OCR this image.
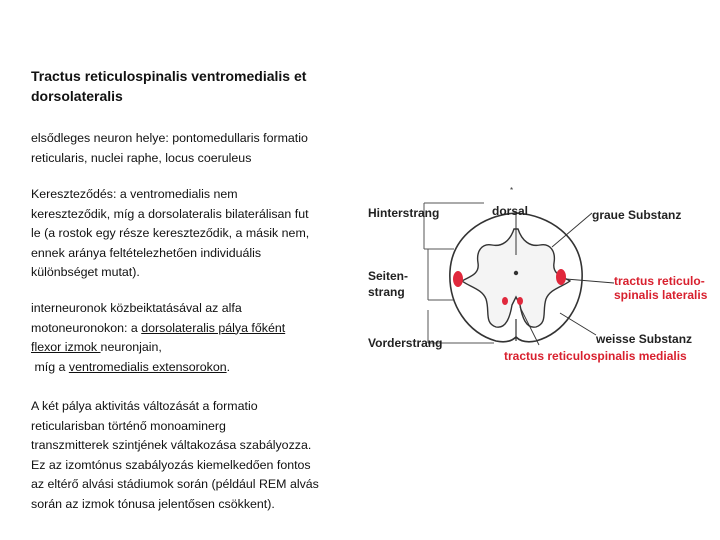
Tractus reticulospinalis ventromedialis et
dorsolateralis
elsődleges neuron helye: pontomedullaris formatio
reticularis, nuclei raphe, locus coeruleus
Kereszteződés: a ventromedialis nem
kereszteződik, míg a dorsolateralis bilaterálisan fut
le (a rostok egy része kereszteződik, a másik nem,
ennek aránya feltételezhetően individuális
különbséget mutat).
interneuronok közbeiktatásával az alfa
motoneuronokon: a dorsolateralis pálya főként
flexor izmok neuronjain,
míg a ventromedialis extensorokon.
A két pálya aktivitás változását a formatio
reticularisban történő monoaminerg
transzmitterek szintjének váltakozása szabályozza.
Ez az izomtónus szabályozás kiemelkedően fontos
az eltérő alvási stádiumok során (például REM alvás
során az izmok tónusa jelentősen csökkent).
*
Hinterstrang	dorsal	graue Substanz
Seiten-
strang
tractus reticulo-
spinalis lateralis
weisse Substanz
Vorderstrang
tractus reticulospinalis medialis
